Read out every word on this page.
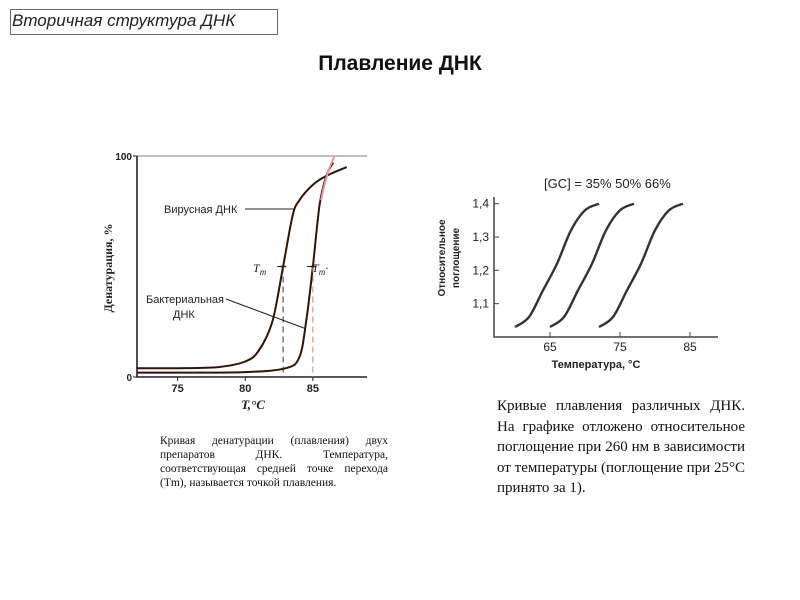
Вторичная структура ДНК
Плавление ДНК
75	80	85
100
0
Денатурация, %
T,°C
Вирусная ДНК
Бактериальная
ДНК
$T_m$	$T_m\cdot$
Кривая денатурации (плавления) двух препаратов ДНК. Температура, соответствующая средней точке перехода (Tm), называется точкой плавления.
1,4
1,3
1,2
1,1
65	75	85
[GC] = 35% 50% 66%
Относительное поглощение
Температура, °C
Кривые плавления различных ДНК. На графике отложено относительное поглощение при 260 нм в зависимости от температуры (поглощение при 25°C принято за 1).
